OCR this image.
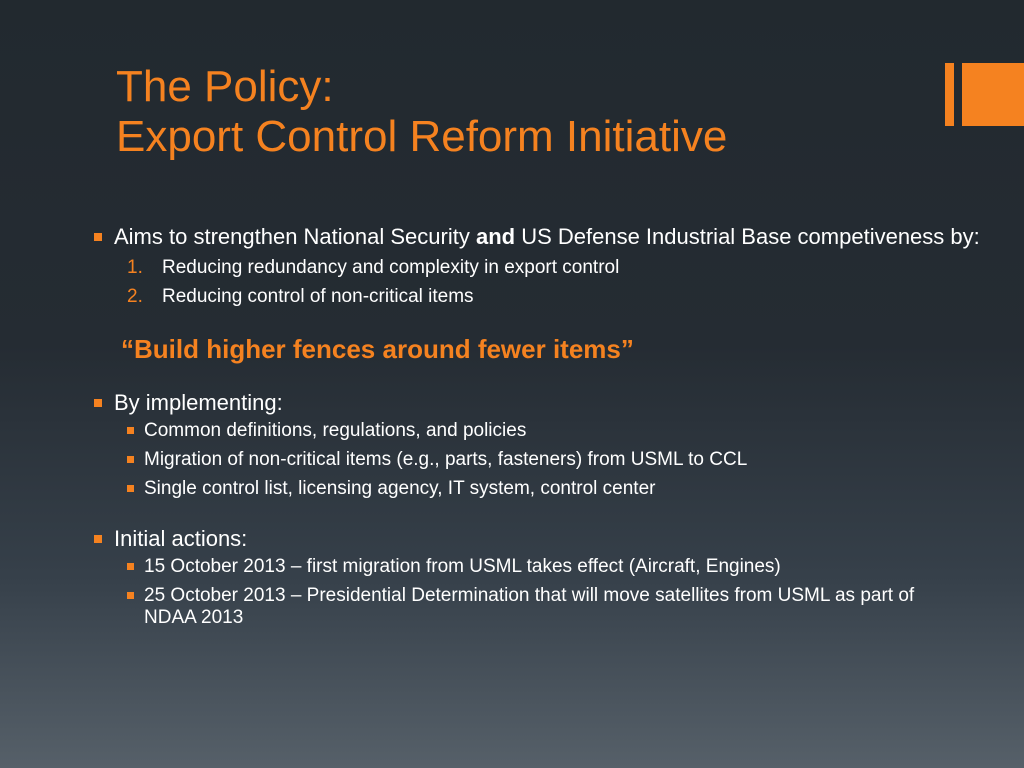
The Policy:
Export Control Reform Initiative
Aims to strengthen National Security and US Defense Industrial Base competiveness by:
1. Reducing redundancy and complexity in export control
2. Reducing control of non-critical items
“Build higher fences around fewer items”
By implementing:
Common definitions, regulations, and policies
Migration of non-critical items (e.g., parts, fasteners) from USML to CCL
Single control list, licensing agency, IT system, control center
Initial actions:
15 October 2013 – first migration from USML takes effect (Aircraft, Engines)
25 October 2013 – Presidential Determination that will move satellites from USML as part of NDAA 2013
